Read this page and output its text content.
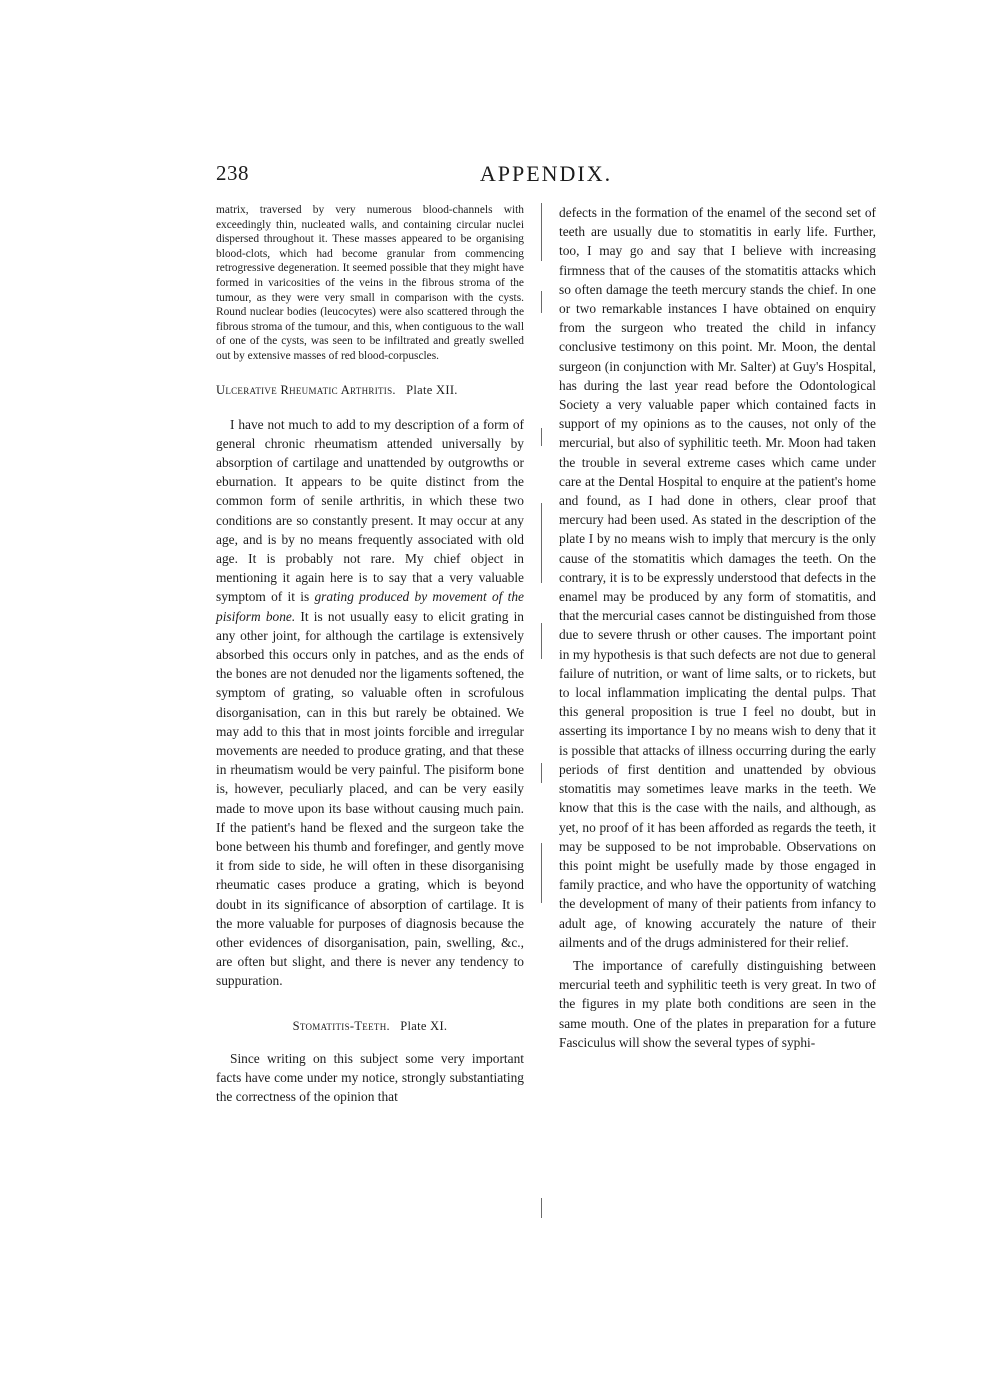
238	APPENDIX.

matrix, traversed by very numerous blood-channels with exceedingly thin, nucleated walls, and containing circular nuclei dispersed throughout it. These masses appeared to be organising blood-clots, which had become granular from commencing retrogressive degeneration. It seemed possible that they might have formed in varicosities of the veins in the fibrous stroma of the tumour, as they were very small in comparison with the cysts. Round nuclear bodies (leucocytes) were also scattered through the fibrous stroma of the tumour, and this, when contiguous to the wall of one of the cysts, was seen to be infiltrated and greatly swelled out by extensive masses of red blood-corpuscles.

Ulcerative Rheumatic Arthritis. Plate XII.

I have not much to add to my description of a form of general chronic rheumatism attended universally by absorption of cartilage and unattended by outgrowths or eburnation. It appears to be quite distinct from the common form of senile arthritis, in which these two conditions are so constantly present. It may occur at any age, and is by no means frequently associated with old age. It is probably not rare. My chief object in mentioning it again here is to say that a very valuable symptom of it is grating produced by movement of the pisiform bone. It is not usually easy to elicit grating in any other joint, for although the cartilage is extensively absorbed this occurs only in patches, and as the ends of the bones are not denuded nor the ligaments softened, the symptom of grating, so valuable often in scrofulous disorganisation, can in this but rarely be obtained. We may add to this that in most joints forcible and irregular movements are needed to produce grating, and that these in rheumatism would be very painful. The pisiform bone is, however, peculiarly placed, and can be very easily made to move upon its base without causing much pain. If the patient's hand be flexed and the surgeon take the bone between his thumb and forefinger, and gently move it from side to side, he will often in these disorganising rheumatic cases produce a grating, which is beyond doubt in its significance of absorption of cartilage. It is the more valuable for purposes of diagnosis because the other evidences of disorganisation, pain, swelling, &c., are often but slight, and there is never any tendency to suppuration.

Stomatitis-Teeth. Plate XI.

Since writing on this subject some very important facts have come under my notice, strongly substantiating the correctness of the opinion that

defects in the formation of the enamel of the second set of teeth are usually due to stomatitis in early life. Further, too, I may go and say that I believe with increasing firmness that of the causes of the stomatitis attacks which so often damage the teeth mercury stands the chief. In one or two remarkable instances I have obtained on enquiry from the surgeon who treated the child in infancy conclusive testimony on this point. Mr. Moon, the dental surgeon (in conjunction with Mr. Salter) at Guy's Hospital, has during the last year read before the Odontological Society a very valuable paper which contained facts in support of my opinions as to the causes, not only of the mercurial, but also of syphilitic teeth. Mr. Moon had taken the trouble in several extreme cases which came under care at the Dental Hospital to enquire at the patient's home and found, as I had done in others, clear proof that mercury had been used. As stated in the description of the plate I by no means wish to imply that mercury is the only cause of the stomatitis which damages the teeth. On the contrary, it is to be expressly understood that defects in the enamel may be produced by any form of stomatitis, and that the mercurial cases cannot be distinguished from those due to severe thrush or other causes. The important point in my hypothesis is that such defects are not due to general failure of nutrition, or want of lime salts, or to rickets, but to local inflammation implicating the dental pulps. That this general proposition is true I feel no doubt, but in asserting its importance I by no means wish to deny that it is possible that attacks of illness occurring during the early periods of first dentition and unattended by obvious stomatitis may sometimes leave marks in the teeth. We know that this is the case with the nails, and although, as yet, no proof of it has been afforded as regards the teeth, it may be supposed to be not improbable. Observations on this point might be usefully made by those engaged in family practice, and who have the opportunity of watching the development of many of their patients from infancy to adult age, of knowing accurately the nature of their ailments and of the drugs administered for their relief.

The importance of carefully distinguishing between mercurial teeth and syphilitic teeth is very great. In two of the figures in my plate both conditions are seen in the same mouth. One of the plates in preparation for a future Fasciculus will show the several types of syphi-
